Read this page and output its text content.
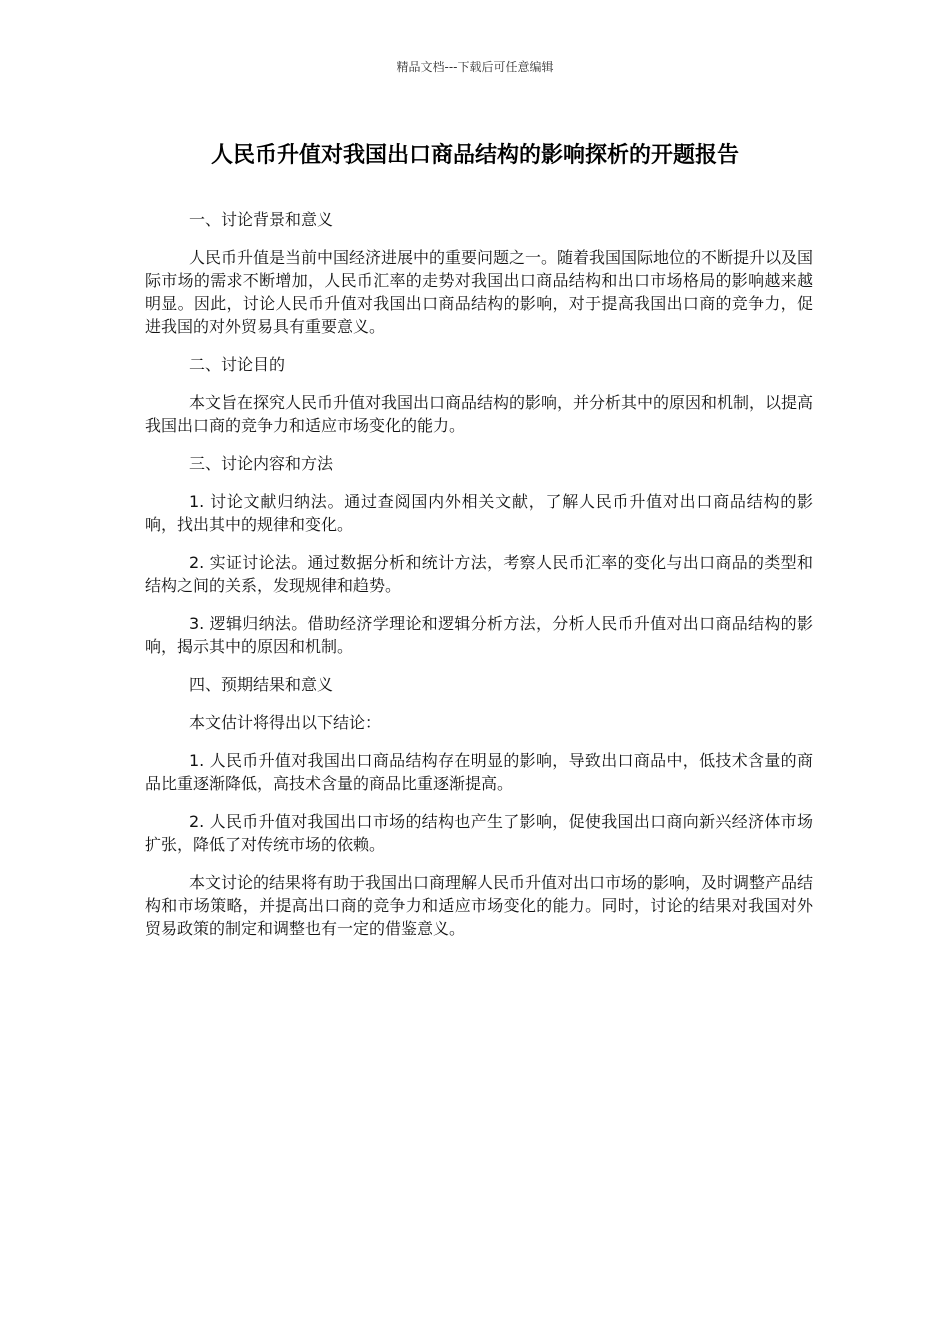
精品文档---下载后可任意编辑
人民币升值对我国出口商品结构的影响探析的开题报告

一、讨论背景和意义

人民币升值是当前中国经济进展中的重要问题之一。随着我国国际地位的不断提升以及国际市场的需求不断增加，人民币汇率的走势对我国出口商品结构和出口市场格局的影响越来越明显。因此，讨论人民币升值对我国出口商品结构的影响，对于提高我国出口商的竞争力，促进我国的对外贸易具有重要意义。

二、讨论目的

本文旨在探究人民币升值对我国出口商品结构的影响，并分析其中的原因和机制，以提高我国出口商的竞争力和适应市场变化的能力。

三、讨论内容和方法

1. 讨论文献归纳法。通过查阅国内外相关文献，了解人民币升值对出口商品结构的影响，找出其中的规律和变化。

2. 实证讨论法。通过数据分析和统计方法，考察人民币汇率的变化与出口商品的类型和结构之间的关系，发现规律和趋势。

3. 逻辑归纳法。借助经济学理论和逻辑分析方法，分析人民币升值对出口商品结构的影响，揭示其中的原因和机制。

四、预期结果和意义

本文估计将得出以下结论：

1. 人民币升值对我国出口商品结构存在明显的影响，导致出口商品中，低技术含量的商品比重逐渐降低，高技术含量的商品比重逐渐提高。

2. 人民币升值对我国出口市场的结构也产生了影响，促使我国出口商向新兴经济体市场扩张，降低了对传统市场的依赖。

本文讨论的结果将有助于我国出口商理解人民币升值对出口市场的影响，及时调整产品结构和市场策略，并提高出口商的竞争力和适应市场变化的能力。同时，讨论的结果对我国对外贸易政策的制定和调整也有一定的借鉴意义。
